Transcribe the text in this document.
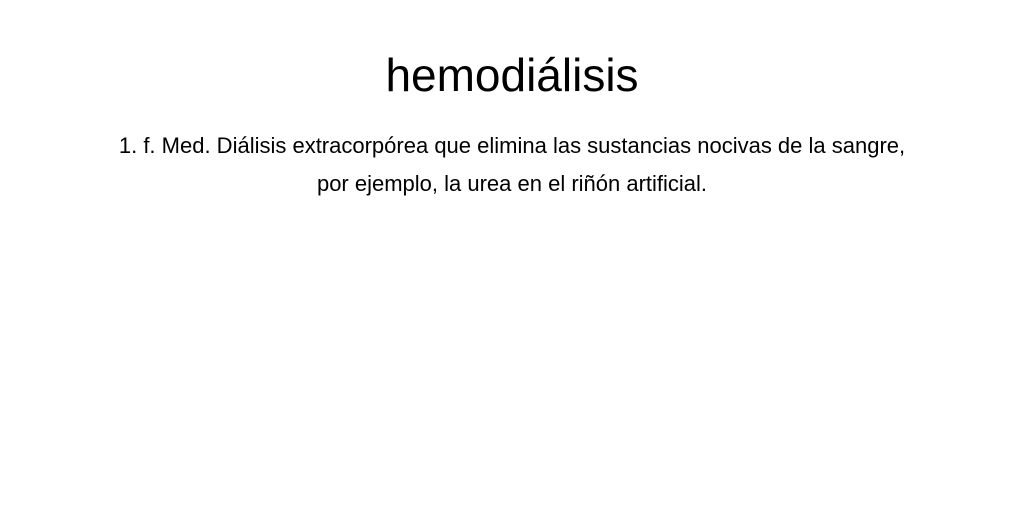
hemodiálisis

1. f. Med. Diálisis extracorpórea que elimina las sustancias nocivas de la sangre, por ejemplo, la urea en el riñón artificial.
